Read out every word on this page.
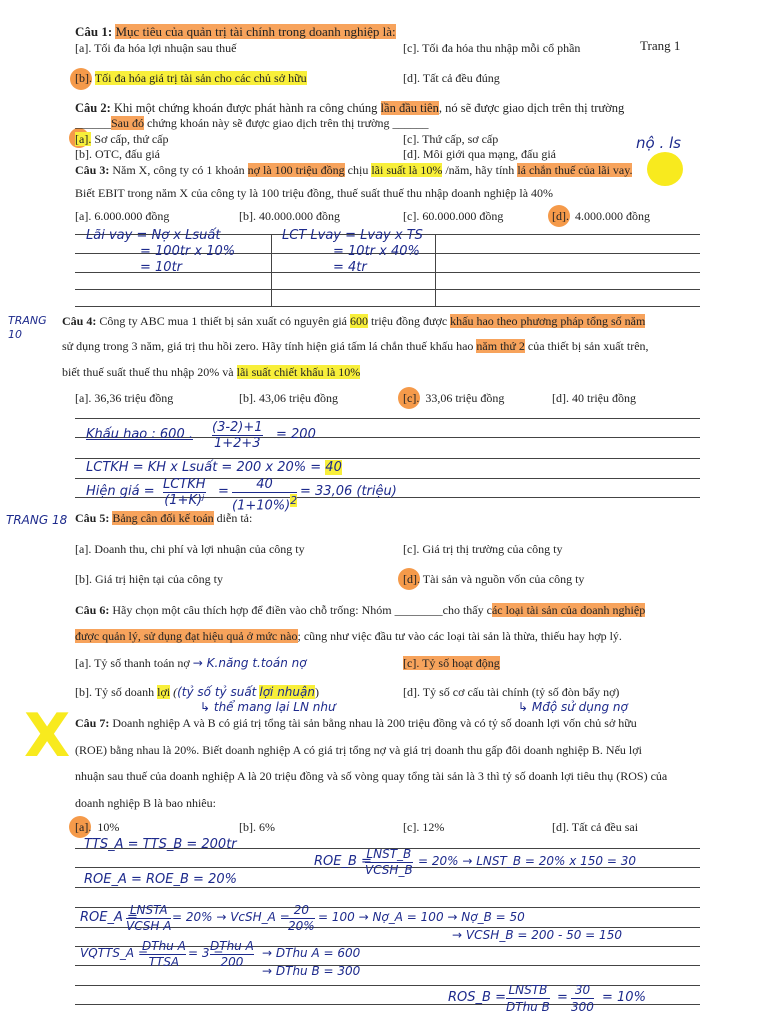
Trang 1
Câu 1: Mục tiêu của quản trị tài chính trong doanh nghiệp là:
[a]. Tối đa hóa lợi nhuận sau thuế	[c]. Tối đa hóa thu nhập mỗi cổ phần
[b]. Tối đa hóa giá trị tài sản cho các chủ sở hữu	[d]. Tất cả đều đúng
Câu 2: Khi một chứng khoán được phát hành ra công chúng lần đầu tiên, nó sẽ được giao dịch trên thị trường
______Sau đó chứng khoán này sẽ được giao dịch trên thị trường ______
[a]. Sơ cấp, thứ cấp	[c]. Thứ cấp, sơ cấp
[b]. OTC, đấu giá	[d]. Môi giới qua mạng, đấu giá
Câu 3: Năm X, công ty có 1 khoản nợ là 100 triệu đồng chịu lãi suất là 10% /năm, hãy tính lá chắn thuế của lãi vay.
Biết EBIT trong năm X của công ty là 100 triệu đồng, thuế suất thuế thu nhập doanh nghiệp là 40%
[a]. 6.000.000 đồng	[b]. 40.000.000 đồng	[c]. 60.000.000 đồng	[d]. 4.000.000 đồng
nộ . ls
Lãi vay = Nợ x Lsuất
= 100tr x 10%
= 10tr
LCT Lvay = Lvay x TS
= 10tr x 40%
= 4tr
TRANG 10
Câu 4: Công ty ABC mua 1 thiết bị sản xuất có nguyên giá 600 triệu đồng được khấu hao theo phương pháp tổng số năm
sử dụng trong 3 năm, giá trị thu hồi zero. Hãy tính hiện giá tấm lá chắn thuế khấu hao năm thứ 2 của thiết bị sản xuất trên,
biết thuế suất thuế thu nhập 20% và lãi suất chiết khấu là 10%
[a]. 36,36 triệu đồng	[b]. 43,06 triệu đồng	[c]. 33,06 triệu đồng	[d]. 40 triệu đồng
Khấu hao : 600 . $\frac{(3-2)+1}{1+2+3} = 200$
LCTKH = KH x Lsuất = 200 x 20% = 40
Hiện giá = LCTKH
(1+K)ʲ
=	40
$(1+10\%)^2$
= 33,06 (triệu)
TRANG 18 Câu 5: Bảng cân đối kế toán diễn tả:
[a]. Doanh thu, chi phí và lợi nhuận của công ty	[c]. Giá trị thị trường của công ty
[b]. Giá trị hiện tại của công ty	[d]. Tài sản và nguồn vốn của công ty
Câu 6: Hãy chọn một câu thích hợp để điền vào chỗ trống: Nhóm ________cho thấy các loại tài sản của doanh nghiệp
được quản lý, sử dụng đạt hiệu quả ở mức nào; cũng như việc đầu tư vào các loại tài sản là thừa, thiếu hay hợp lý.
[a]. Tỷ số thanh toán nợ → K.năng t.toán nợ	[c]. Tỷ số hoạt động
[b]. Tỷ số doanh lợi ((tỷ số tỷ suất lợi nhuận)
↳ thể mang lại LN như
[d]. Tỷ số cơ cấu tài chính (tỷ số đòn bẩy nợ)
↳ Mđộ sử dụng nợ
X Câu 7: Doanh nghiệp A và B có giá trị tổng tài sản bằng nhau là 200 triệu đồng và có tỷ số doanh lợi vốn chủ sở hữu
(ROE) bằng nhau là 20%. Biết doanh nghiệp A có giá trị tổng nợ và giá trị doanh thu gấp đôi doanh nghiệp B. Nếu lợi
nhuận sau thuế của doanh nghiệp A là 20 triệu đồng và số vòng quay tổng tài sản là 3 thì tỷ số doanh lợi tiêu thụ (ROS) của
doanh nghiệp B là bao nhiêu:
[a]. 10%	[b]. 6%	[c]. 12%	[d]. Tất cả đều sai
TTS_A = TTS_B = 200tr
ROE_A = ROE_B = 20%
ROE_B =
LNST_B
VCSH_B
= 20% → LNST_B = 20% x 150 = 30
ROE_A =
LNSTA
VCSH A
= 20% → VcSH_A = 20
20%
= 100 → Nợ_A = 100 → Nợ_B = 50
→ VCSH_B = 200 - 50 = 150
VQTTS_A =
DThu A
TTSA
= 3 =
DThu A
200
→ DThu A = 600
→ DThu B = 300
ROS_B = LNSTB
DThu B
= 30
300
= 10%
